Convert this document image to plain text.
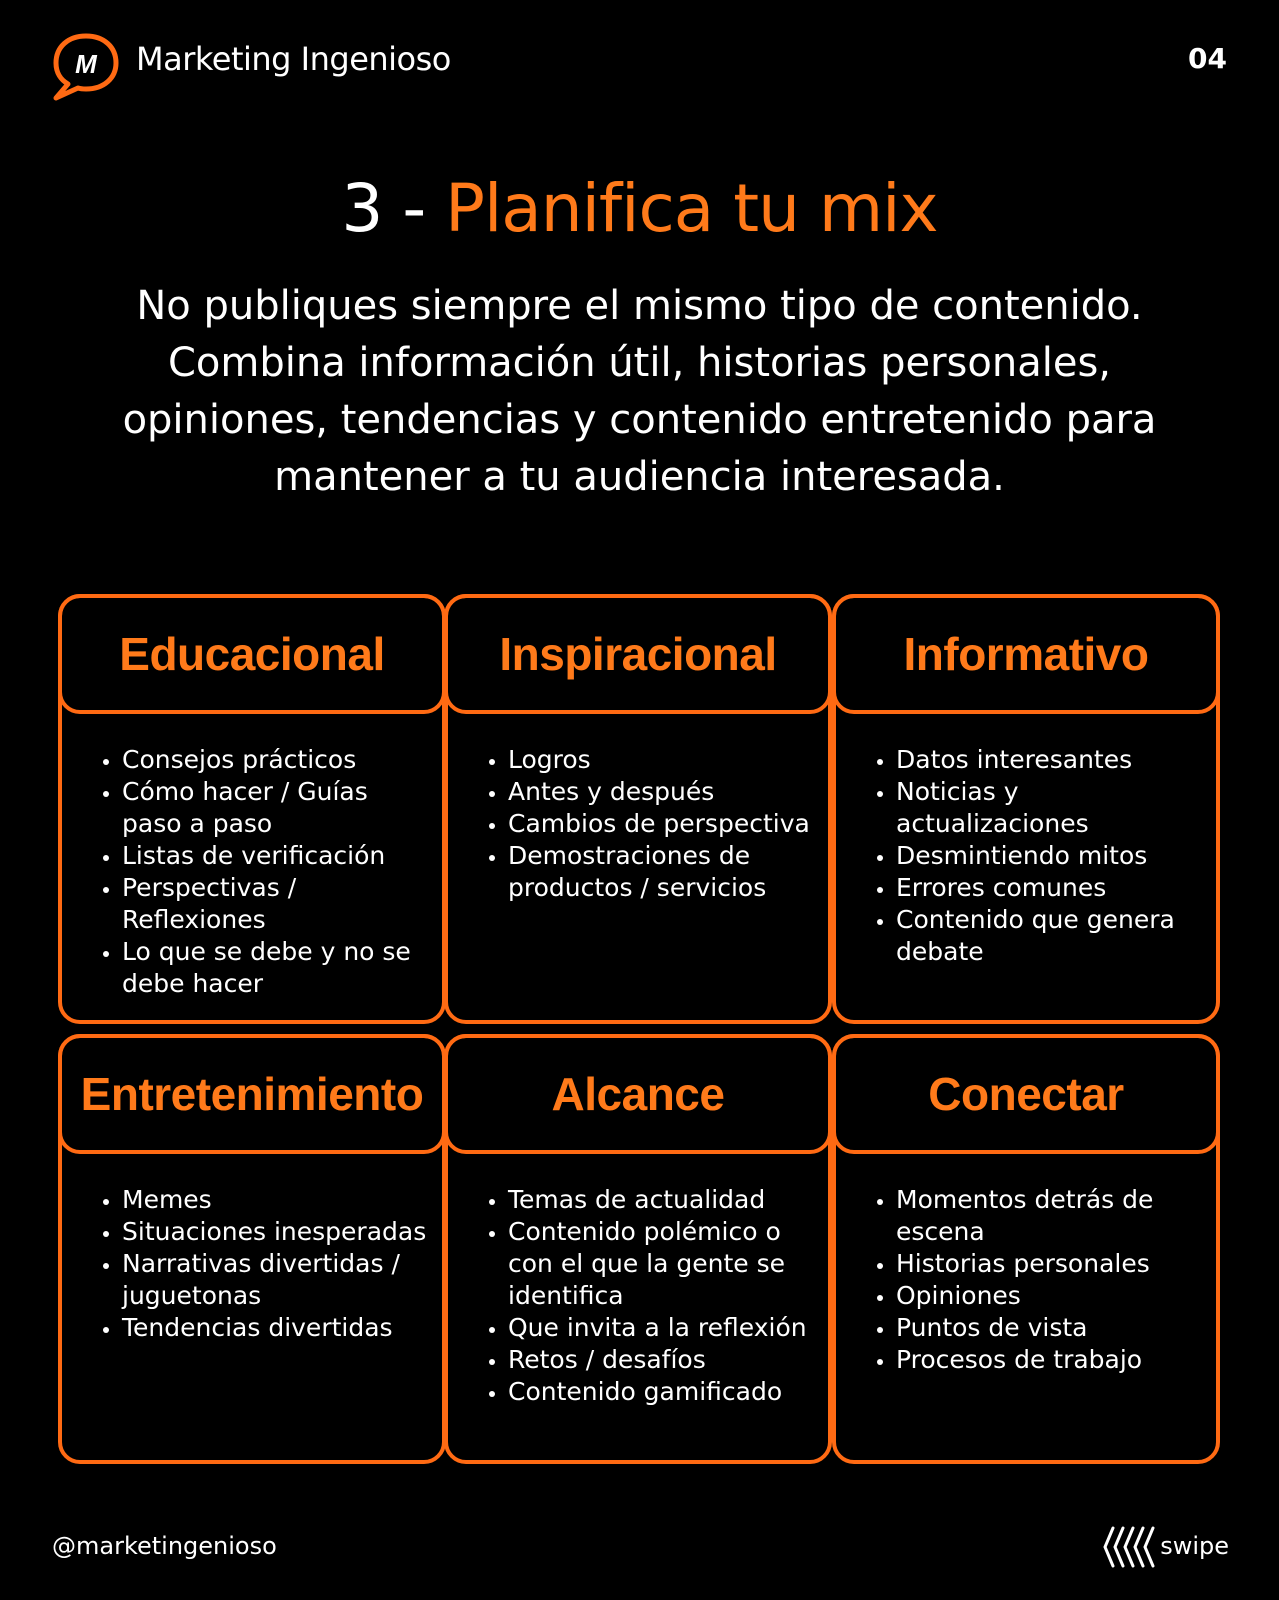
M Marketing Ingenioso	04
3 - Planifica tu mix
No publiques siempre el mismo tipo de contenido. Combina información útil, historias personales, opiniones, tendencias y contenido entretenido para mantener a tu audiencia interesada.
Educacional
• Consejos prácticos
• Cómo hacer / Guías paso a paso
• Listas de verificación
• Perspectivas / Reflexiones
• Lo que se debe y no se debe hacer
Inspiracional
• Logros
• Antes y después
• Cambios de perspectiva
• Demostraciones de productos / servicios
Informativo
• Datos interesantes
• Noticias y actualizaciones
• Desmintiendo mitos
• Errores comunes
• Contenido que genera debate
Entretenimiento
• Memes
• Situaciones inesperadas
• Narrativas divertidas / juguetonas
• Tendencias divertidas
Alcance
• Temas de actualidad
• Contenido polémico o con el que la gente se identifica
• Que invita a la reflexión
• Retos / desafíos
• Contenido gamificado
Conectar
• Momentos detrás de escena
• Historias personales
• Opiniones
• Puntos de vista
• Procesos de trabajo
@marketingenioso	swipe
